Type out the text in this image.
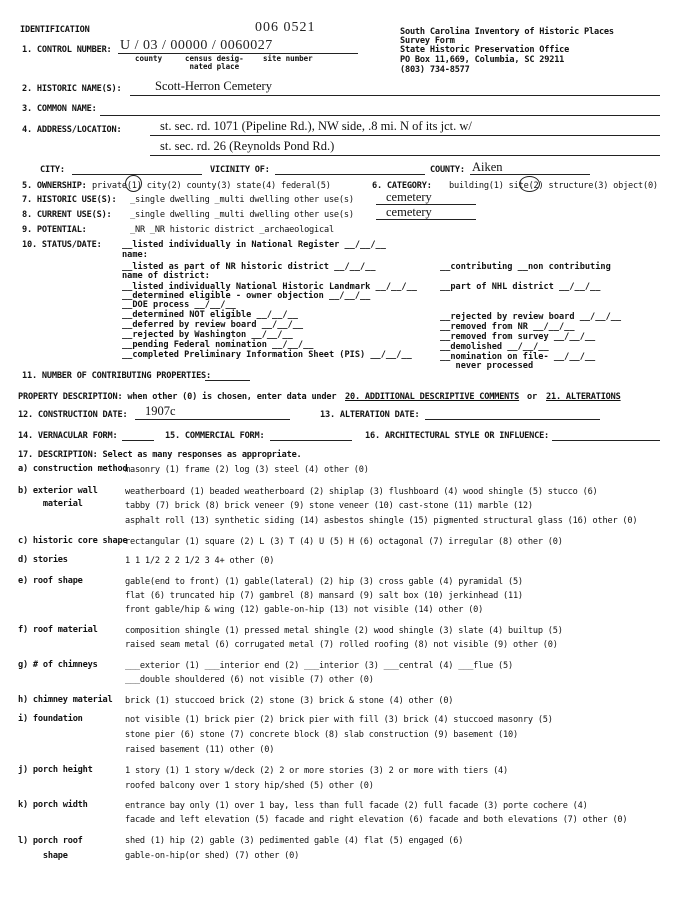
006 0521
IDENTIFICATION	South Carolina Inventory of Historic Places
Survey Form
State Historic Preservation Office
PO Box 11,669, Columbia, SC 29211
(803) 734-8577
1. CONTROL NUMBER: U / 03 / 00000 / 0060027
county	census desig-
nated place
site number
2. HISTORIC NAME(S):	Scott-Herron Cemetery
3. COMMON NAME:
4. ADDRESS/LOCATION:	st. sec. rd. 1071 (Pipeline Rd.), NW side, .8 mi. N of its jct. w/
st. sec. rd. 26 (Reynolds Pond Rd.)
CITY:	VICINITY OF:	COUNTY: Aiken
5. OWNERSHIP: private(1) city(2) county(3) state(4) federal(5)	6. CATEGORY: building(1) site(2) structure(3) object(0)
7. HISTORIC USE(S): _single dwelling _multi dwelling other use(s)	cemetery
8. CURRENT USE(S): _single dwelling _multi dwelling other use(s)	cemetery
9. POTENTIAL:	_NR _NR historic district _archaeological
10. STATUS/DATE: __listed individually in National Register __/__/__
name:
__listed as part of NR historic district __/__/__
name of district:
__listed individually National Historic Landmark __/__/__
__determined eligible - owner objection __/__/__
__DOE process __/__/__
__determined NOT eligible __/__/__
__deferred by review board __/__/__
__rejected by Washington __/__/__
__pending Federal nomination __/__/__
__completed Preliminary Information Sheet (PIS) __/__/__
__contributing __non contributing
__part of NHL district __/__/__
__rejected by review board __/__/__
__removed from NR __/__/__
__removed from survey __/__/__
__demolished __/__/__
__nomination on file- __/__/__
never processed
11. NUMBER OF CONTRIBUTING PROPERTIES:
PROPERTY DESCRIPTION: when other (0) is chosen, enter data under 20. ADDITIONAL DESCRIPTIVE COMMENTS or 21. ALTERATIONS
12. CONSTRUCTION DATE: 1907c	13. ALTERATION DATE:
14. VERNACULAR FORM:	15. COMMERCIAL FORM:	16. ARCHITECTURAL STYLE OR INFLUENCE:
17. DESCRIPTION: Select as many responses as appropriate.
a) construction method
masonry (1) frame (2) log (3) steel (4) other (0)
b) exterior wall
material
weatherboard (1) beaded weatherboard (2) shiplap (3) flushboard (4) wood shingle (5) stucco (6)
tabby (7) brick (8) brick veneer (9) stone veneer (10) cast-stone (11) marble (12)
asphalt roll (13) synthetic siding (14) asbestos shingle (15) pigmented structural glass (16) other (0)
c) historic core shape
rectangular (1) square (2) L (3) T (4) U (5) H (6) octagonal (7) irregular (8) other (0)
d) stories	1 1 1/2 2 2 1/2 3 4+ other (0)
e) roof shape	gable(end to front) (1) gable(lateral) (2) hip (3) cross gable (4) pyramidal (5)
flat (6) truncated hip (7) gambrel (8) mansard (9) salt box (10) jerkinhead (11)
front gable/hip & wing (12) gable-on-hip (13) not visible (14) other (0)
f) roof material	composition shingle (1) pressed metal shingle (2) wood shingle (3) slate (4) builtup (5)
raised seam metal (6) corrugated metal (7) rolled roofing (8) not visible (9) other (0)
g) # of chimneys	___exterior (1) ___interior end (2) ___interior (3) ___central (4) ___flue (5)
___double shouldered (6) not visible (7) other (0)
h) chimney material brick (1) stuccoed brick (2) stone (3) brick & stone (4) other (0)
i) foundation	not visible (1) brick pier (2) brick pier with fill (3) brick (4) stuccoed masonry (5)
stone pier (6) stone (7) concrete block (8) slab construction (9) basement (10)
raised basement (11) other (0)
j) porch height	1 story (1) 1 story w/deck (2) 2 or more stories (3) 2 or more with tiers (4)
roofed balcony over 1 story hip/shed (5) other (0)
k) porch width	entrance bay only (1) over 1 bay, less than full facade (2) full facade (3) porte cochere (4)
facade and left elevation (5) facade and right elevation (6) facade and both elevations (7) other (0)
l) porch roof
shape
shed (1) hip (2) gable (3) pedimented gable (4) flat (5) engaged (6)
gable-on-hip(or shed) (7) other (0)
